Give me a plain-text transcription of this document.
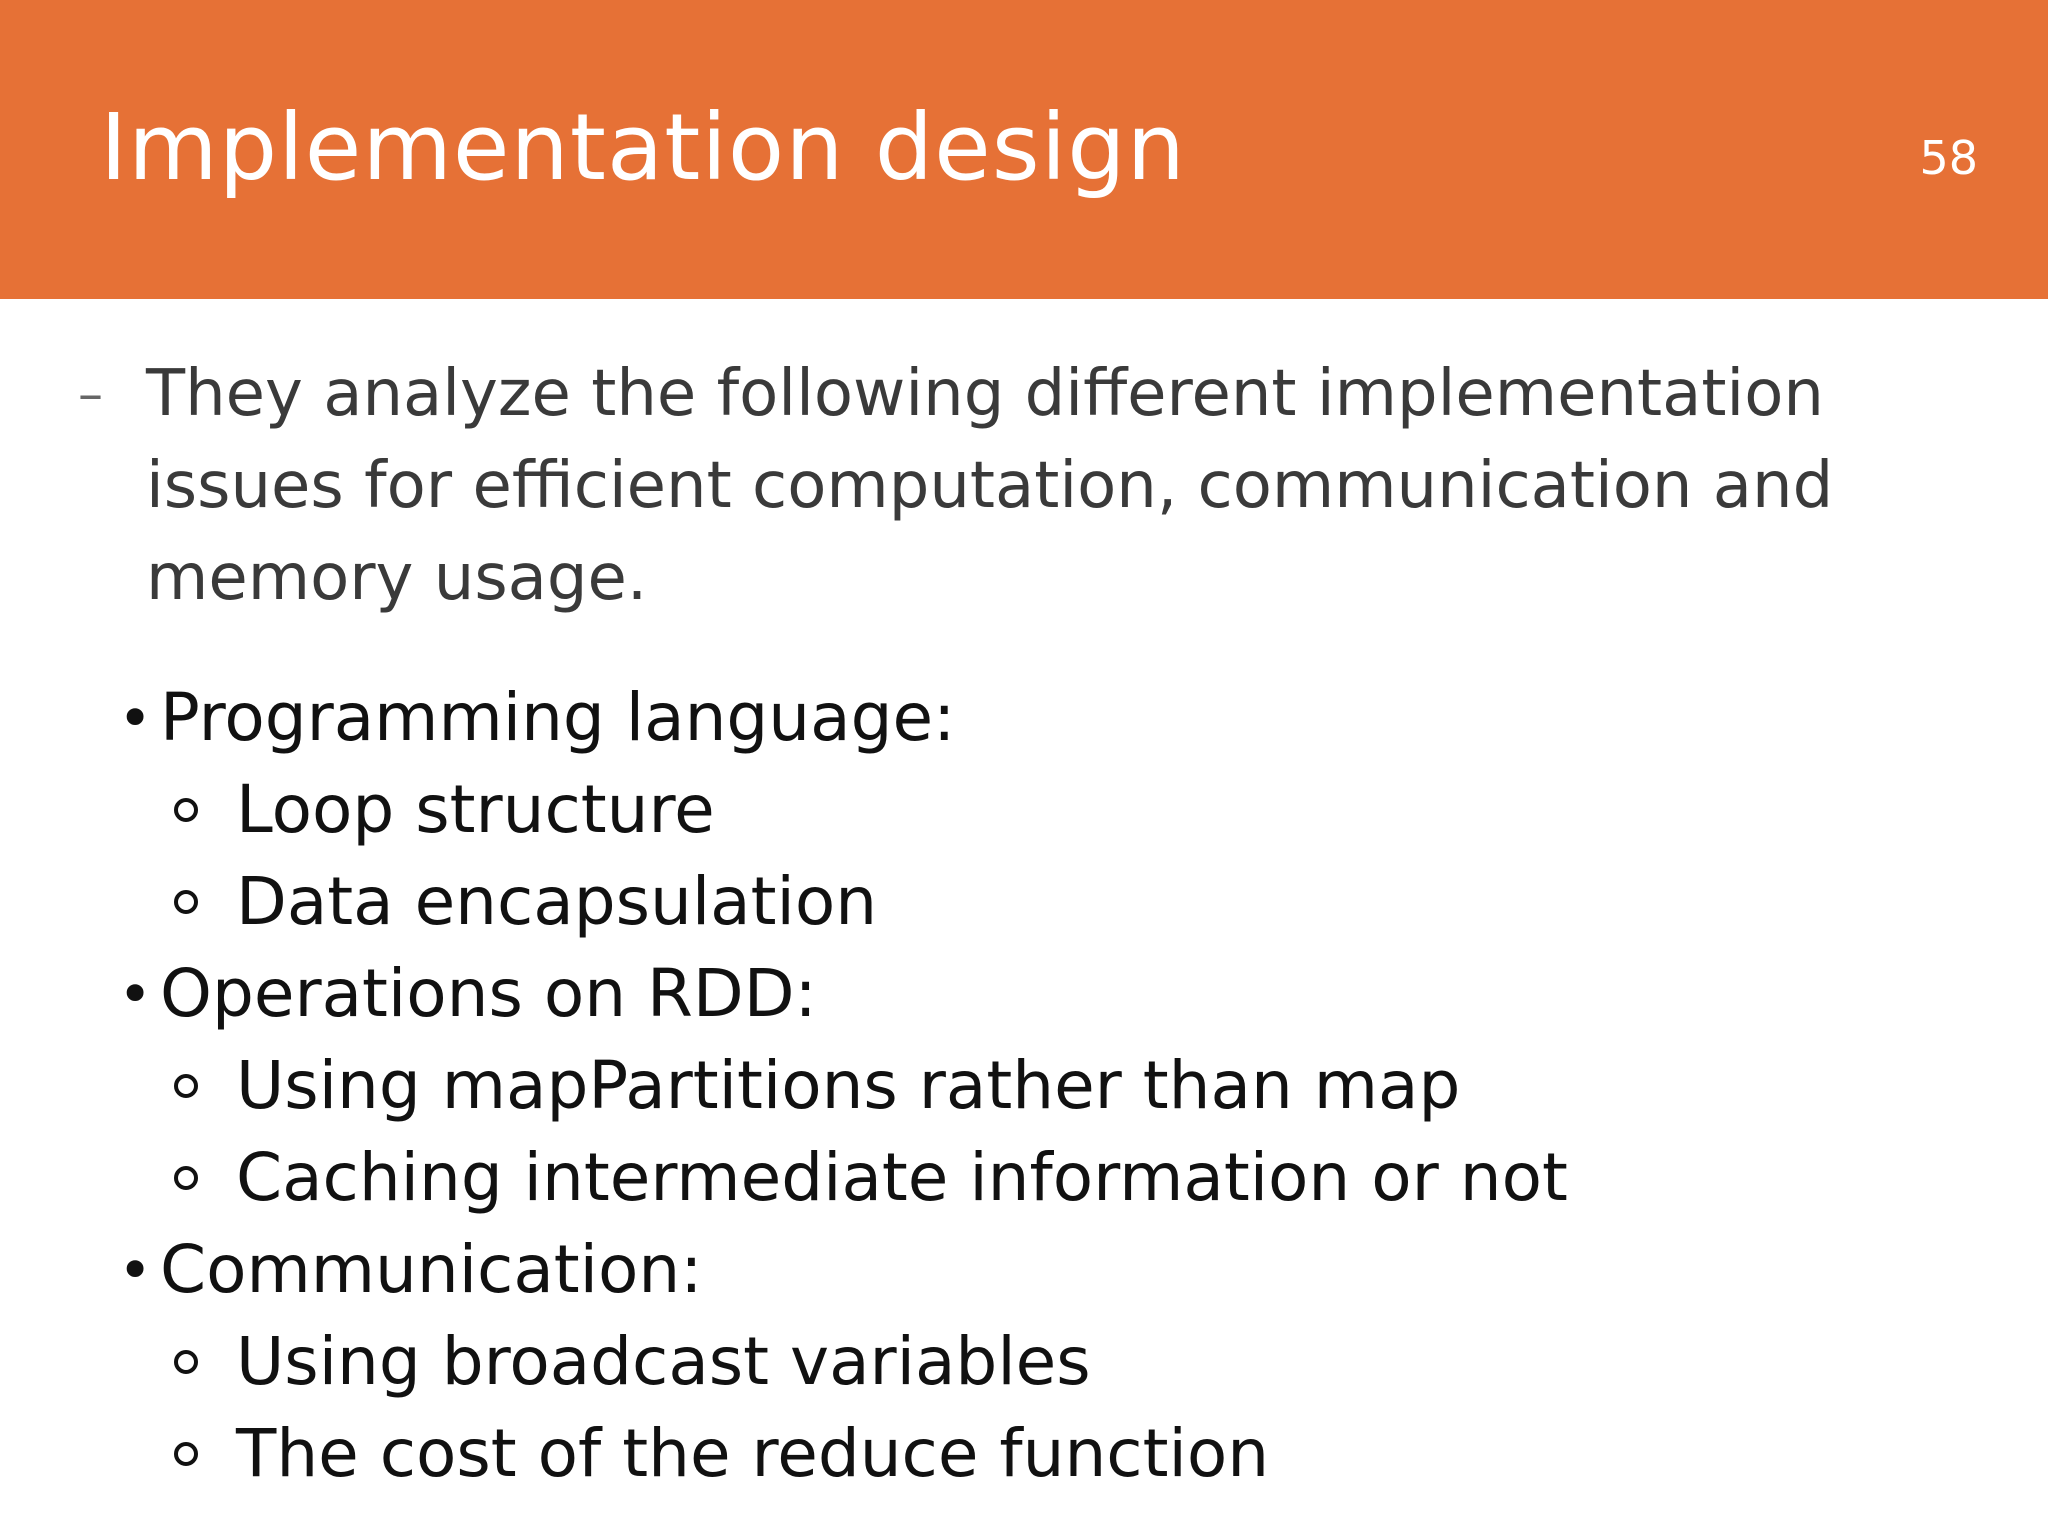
Implementation design	58
– They analyze the following different implementation issues for efficient computation, communication and memory usage.
• Programming language:
Loop structure
Data encapsulation
• Operations on RDD:
Using mapPartitions rather than map
Caching intermediate information or not
• Communication:
Using broadcast variables
The cost of the reduce function
